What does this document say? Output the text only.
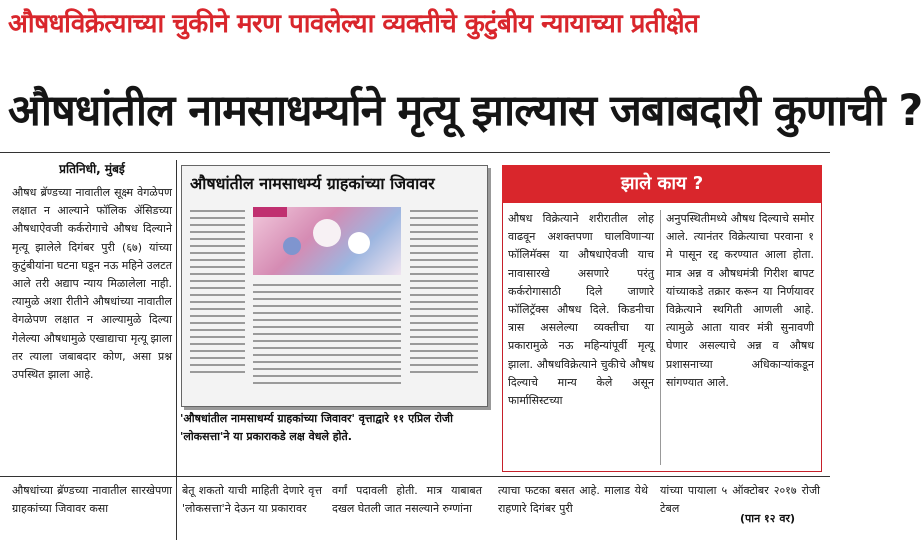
औषधविक्रेत्याच्या चुकीने मरण पावलेल्या व्यक्तीचे कुटुंबीय न्यायाच्या प्रतीक्षेत
औषधांतील नामसाधर्म्याने मृत्यू झाल्यास जबाबदारी कुणाची ?
प्रतिनिधी, मुंबई

औषध ब्रॅण्डच्या नावातील सूक्ष्म वेगळेपण लक्षात न आल्याने फॉलिक ॲसिडच्या औषधाऐवजी कर्करोगाचे औषध दिल्याने मृत्यू झालेले दिगंबर पुरी (६७) यांच्या कुटुंबीयांना घटना घडून नऊ महिने उलटत आले तरी अद्याप न्याय मिळालेला नाही. त्यामुळे अशा रीतीने औषधांच्या नावातील वेगळेपण लक्षात न आल्यामुळे दिल्या गेलेल्या औषधामुळे एखाद्याचा मृत्यू झाला तर त्याला जबाबदार कोण, असा प्रश्न उपस्थित झाला आहे.

औषधांतील नामसाधर्म्य ग्राहकांच्या जिवावर
'औषधांतील नामसाधर्म्य ग्राहकांच्या जिवावर' वृत्ताद्वारे ११ एप्रिल रोजी 'लोकसत्ता'ने या प्रकाराकडे लक्ष वेधले होते.
झाले काय ?

औषध विक्रेत्याने शरीरातील लोह वाढवून अशक्तपणा घालविणाऱ्या फॉलिमॅक्स या औषधाऐवजी याच नावासारखे असणारे परंतु कर्करोगासाठी दिले जाणारे फॉलिट्रॅक्स औषध दिले. किडनीचा त्रास असलेल्या व्यक्तीचा या प्रकारामुळे नऊ महिन्यांपूर्वी मृत्यू झाला. औषधविक्रेत्याने चुकीचे औषध दिल्याचे मान्य केले असून फार्मासिस्टच्या

अनुपस्थितीमध्ये औषध दिल्याचे समोर आले. त्यानंतर विक्रेत्याचा परवाना १ मे पासून रद्द करण्यात आला होता. मात्र अन्न व औषधमंत्री गिरीश बापट यांच्याकडे तक्रार करून या निर्णयावर विक्रेत्याने स्थगिती आणली आहे. त्यामुळे आता यावर मंत्री सुनावणी घेणार असल्याचे अन्न व औषध प्रशासनाच्या अधिकाऱ्यांकडून सांगण्यात आले.

औषधांच्या ब्रॅण्डच्या नावातील सारखेपणा ग्राहकांच्या जिवावर कसा

बेतू शकतो याची माहिती देणारे वृत्त 'लोकसत्ता'ने देऊन या प्रकारावर

वर्गां पदावली होती. मात्र याबाबत दखल घेतली जात नसल्याने रुग्णांना

त्याचा फटका बसत आहे. मालाड येथे राहणारे दिगंबर पुरी

यांच्या पायाला ५ ऑक्टोबर २०१७ रोजी टेबल

(पान १२ वर)
